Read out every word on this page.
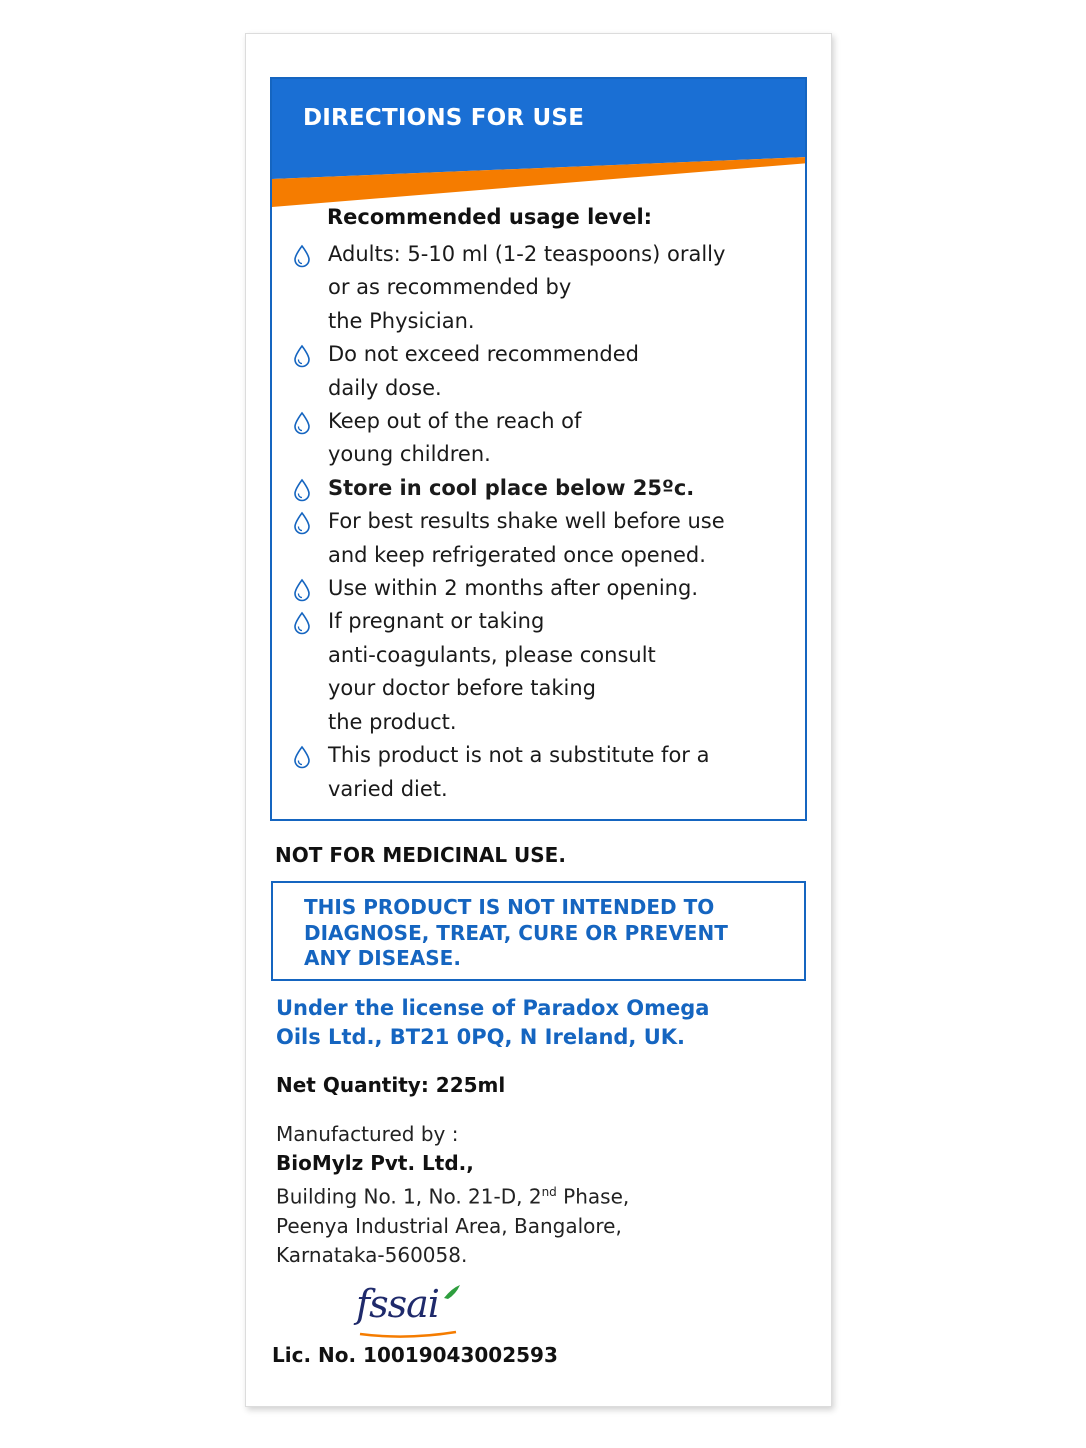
DIRECTIONS FOR USE
Recommended usage level:
Adults: 5-10 ml (1-2 teaspoons) orally
or as recommended by
the Physician.
Do not exceed recommended
daily dose.
Keep out of the reach of
young children.
Store in cool place below 25ºc.
For best results shake well before use
and keep refrigerated once opened.
Use within 2 months after opening.
If pregnant or taking
anti-coagulants, please consult
your doctor before taking
the product.
This product is not a substitute for a
varied diet.
NOT FOR MEDICINAL USE.
THIS PRODUCT IS NOT INTENDED TO
DIAGNOSE, TREAT, CURE OR PREVENT
ANY DISEASE.
Under the license of Paradox Omega
Oils Ltd., BT21 0PQ, N Ireland, UK.
Net Quantity: 225ml
Manufactured by :
BioMylz Pvt. Ltd.,
Building No. 1, No. 21-D, 2nd Phase,
Peenya Industrial Area, Bangalore,
Karnataka-560058.
fssai
Lic. No. 10019043002593
